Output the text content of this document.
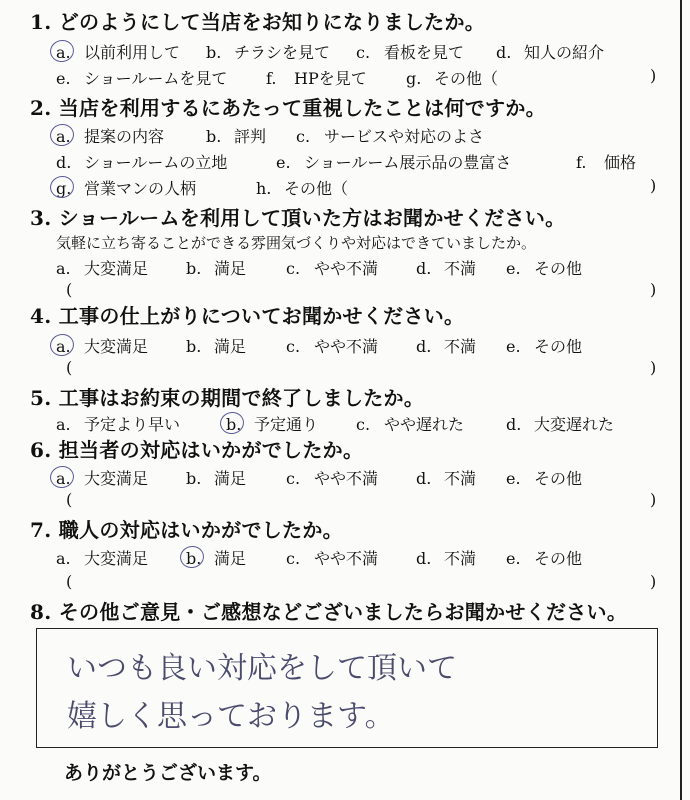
1. どのようにして当店をお知りになりましたか。
a. 以前利用して b. チラシを見て c. 看板を見て d. 知人の紹介
e. ショールームを見て f. HPを見て g. その他（	)
2. 当店を利用するにあたって重視したことは何ですか。
a. 提案の内容	b. 評判 c. サービスや対応のよさ
d. ショールームの立地	e. ショールーム展示品の豊富さ	f. 価格
g. 営業マンの人柄	h. その他（	)
3. ショールームを利用して頂いた方はお聞かせください。
気軽に立ち寄ることができる雰囲気づくりや対応はできていましたか。
a. 大変満足 b. 満足 c. やや不満 d. 不満 e. その他
(	)
4. 工事の仕上がりについてお聞かせください。
a. 大変満足 b. 満足 c. やや不満 d. 不満 e. その他
(	)
5. 工事はお約束の期間で終了しましたか。
a. 予定より早い	b. 予定通り c. やや遅れた	d. 大変遅れた
6. 担当者の対応はいかがでしたか。
a. 大変満足 b. 満足 c. やや不満 d. 不満 e. その他
(	)
7. 職人の対応はいかがでしたか。
a. 大変満足 b. 満足 c. やや不満 d. 不満 e. その他
(	)
8. その他ご意見・ご感想などございましたらお聞かせください。
いつも良い対応をして頂いて
嬉しく思っております。
ありがとうございます。
